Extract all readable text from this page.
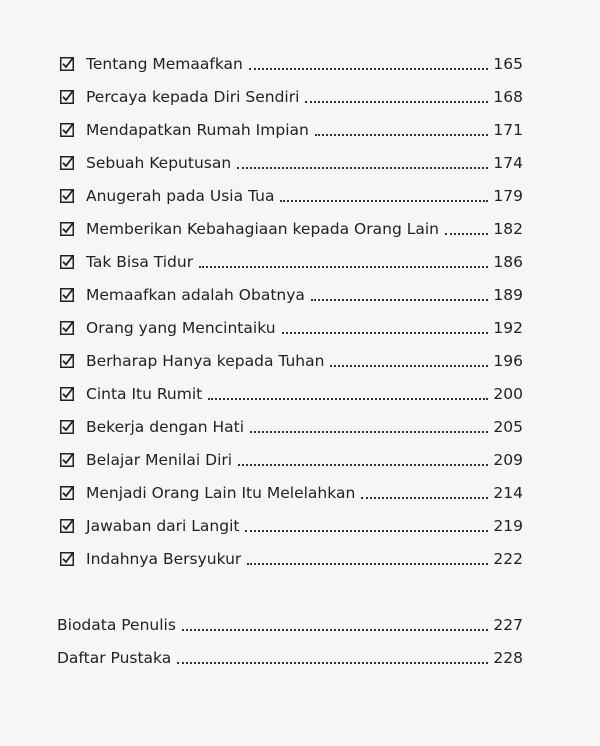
Tentang Memaafkan	165
Percaya kepada Diri Sendiri	168
Mendapatkan Rumah Impian	171
Sebuah Keputusan	174
Anugerah pada Usia Tua	179
Memberikan Kebahagiaan kepada Orang Lain	182
Tak Bisa Tidur	186
Memaafkan adalah Obatnya	189
Orang yang Mencintaiku	192
Berharap Hanya kepada Tuhan	196
Cinta Itu Rumit	200
Bekerja dengan Hati	205
Belajar Menilai Diri	209
Menjadi Orang Lain Itu Melelahkan	214
Jawaban dari Langit	219
Indahnya Bersyukur	222
Biodata Penulis	227
Daftar Pustaka	228
